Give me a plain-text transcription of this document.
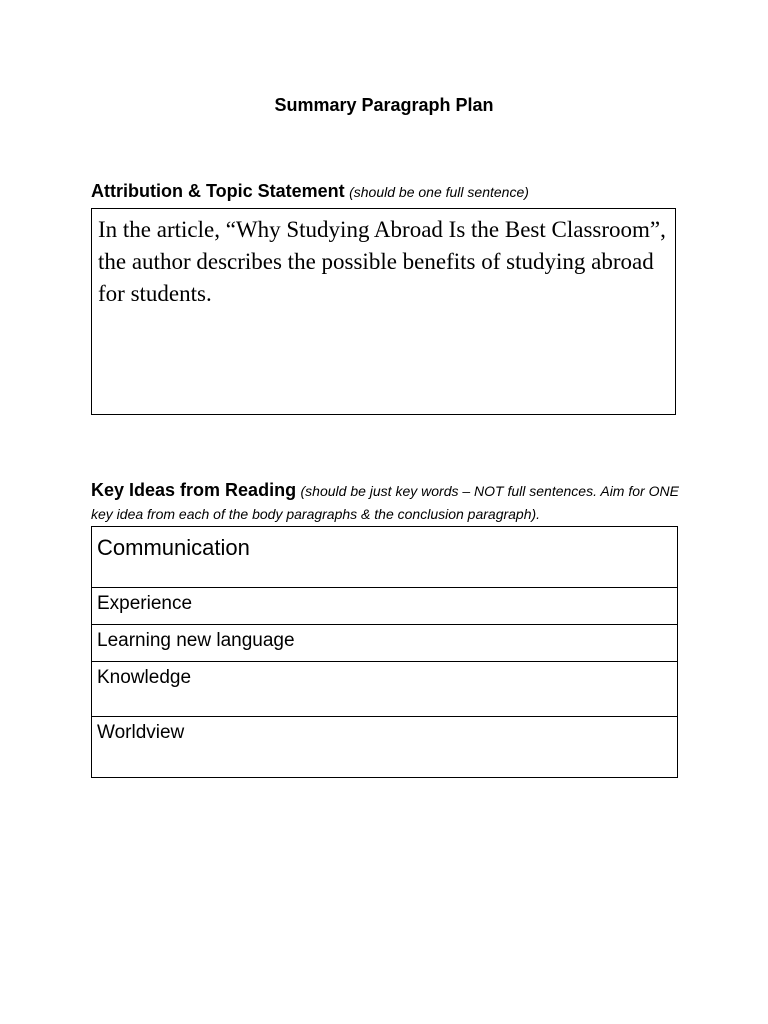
Summary Paragraph Plan
Attribution & Topic Statement (should be one full sentence)
In the article, “Why Studying Abroad Is the Best Classroom”, the author describes the possible benefits of studying abroad for students.
Key Ideas from Reading (should be just key words – NOT full sentences. Aim for ONE key idea from each of the body paragraphs & the conclusion paragraph).
Communication
Experience
Learning new language
Knowledge
Worldview
